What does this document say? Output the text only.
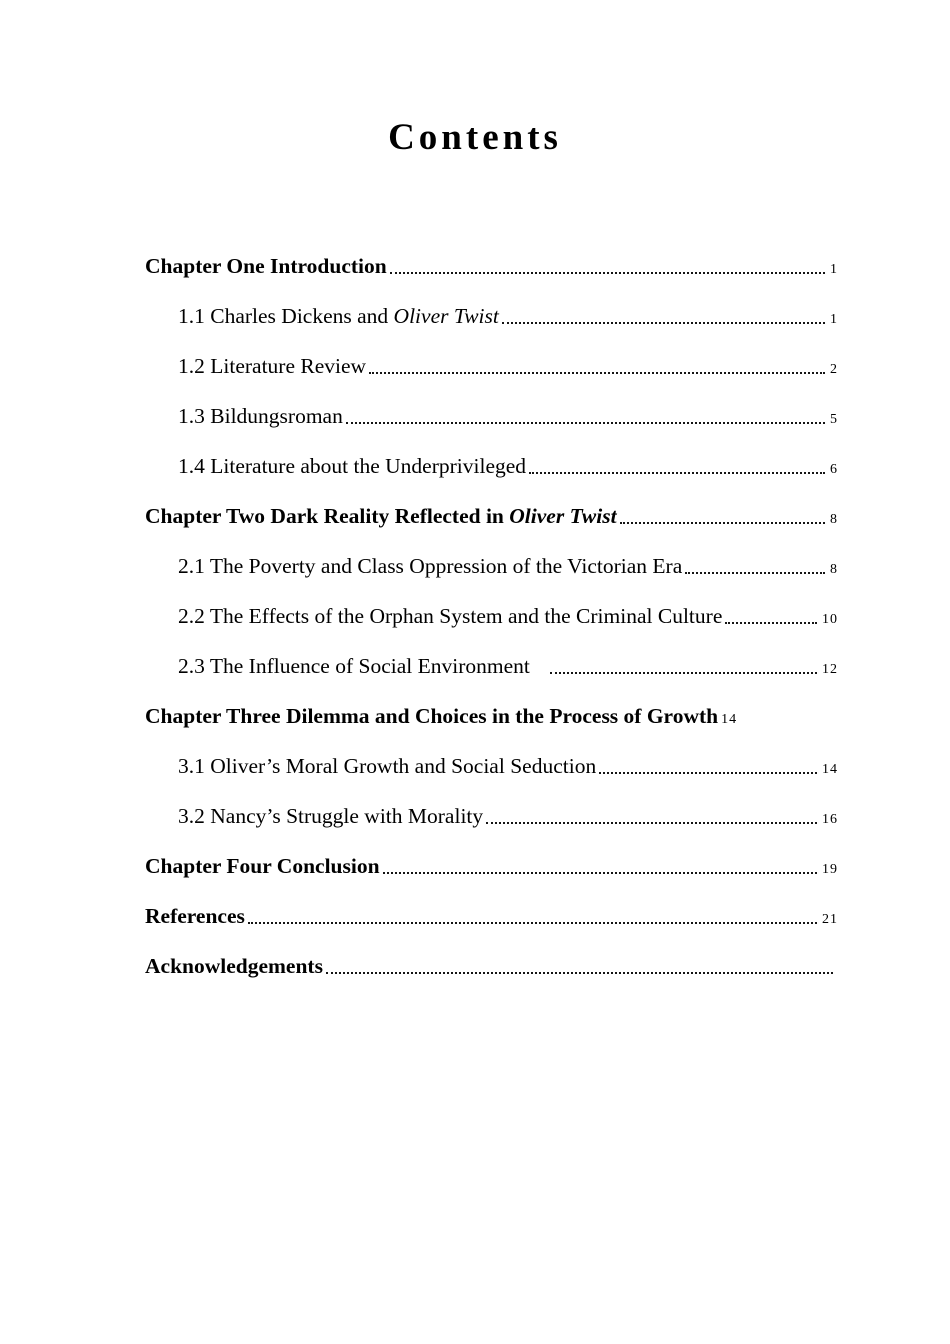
Contents
Chapter One Introduction	1
1.1 Charles Dickens and Oliver Twist	1
1.2 Literature Review	2
1.3 Bildungsroman	5
1.4 Literature about the Underprivileged	6
Chapter Two Dark Reality Reflected in Oliver Twist	8
2.1 The Poverty and Class Oppression of the Victorian Era	8
2.2 The Effects of the Orphan System and the Criminal Culture	10
2.3 The Influence of Social Environment	12
Chapter Three Dilemma and Choices in the Process of Growth 14
3.1 Oliver’s Moral Growth and Social Seduction	14
3.2 Nancy’s Struggle with Morality	16
Chapter Four Conclusion	19
References	21
Acknowledgements
